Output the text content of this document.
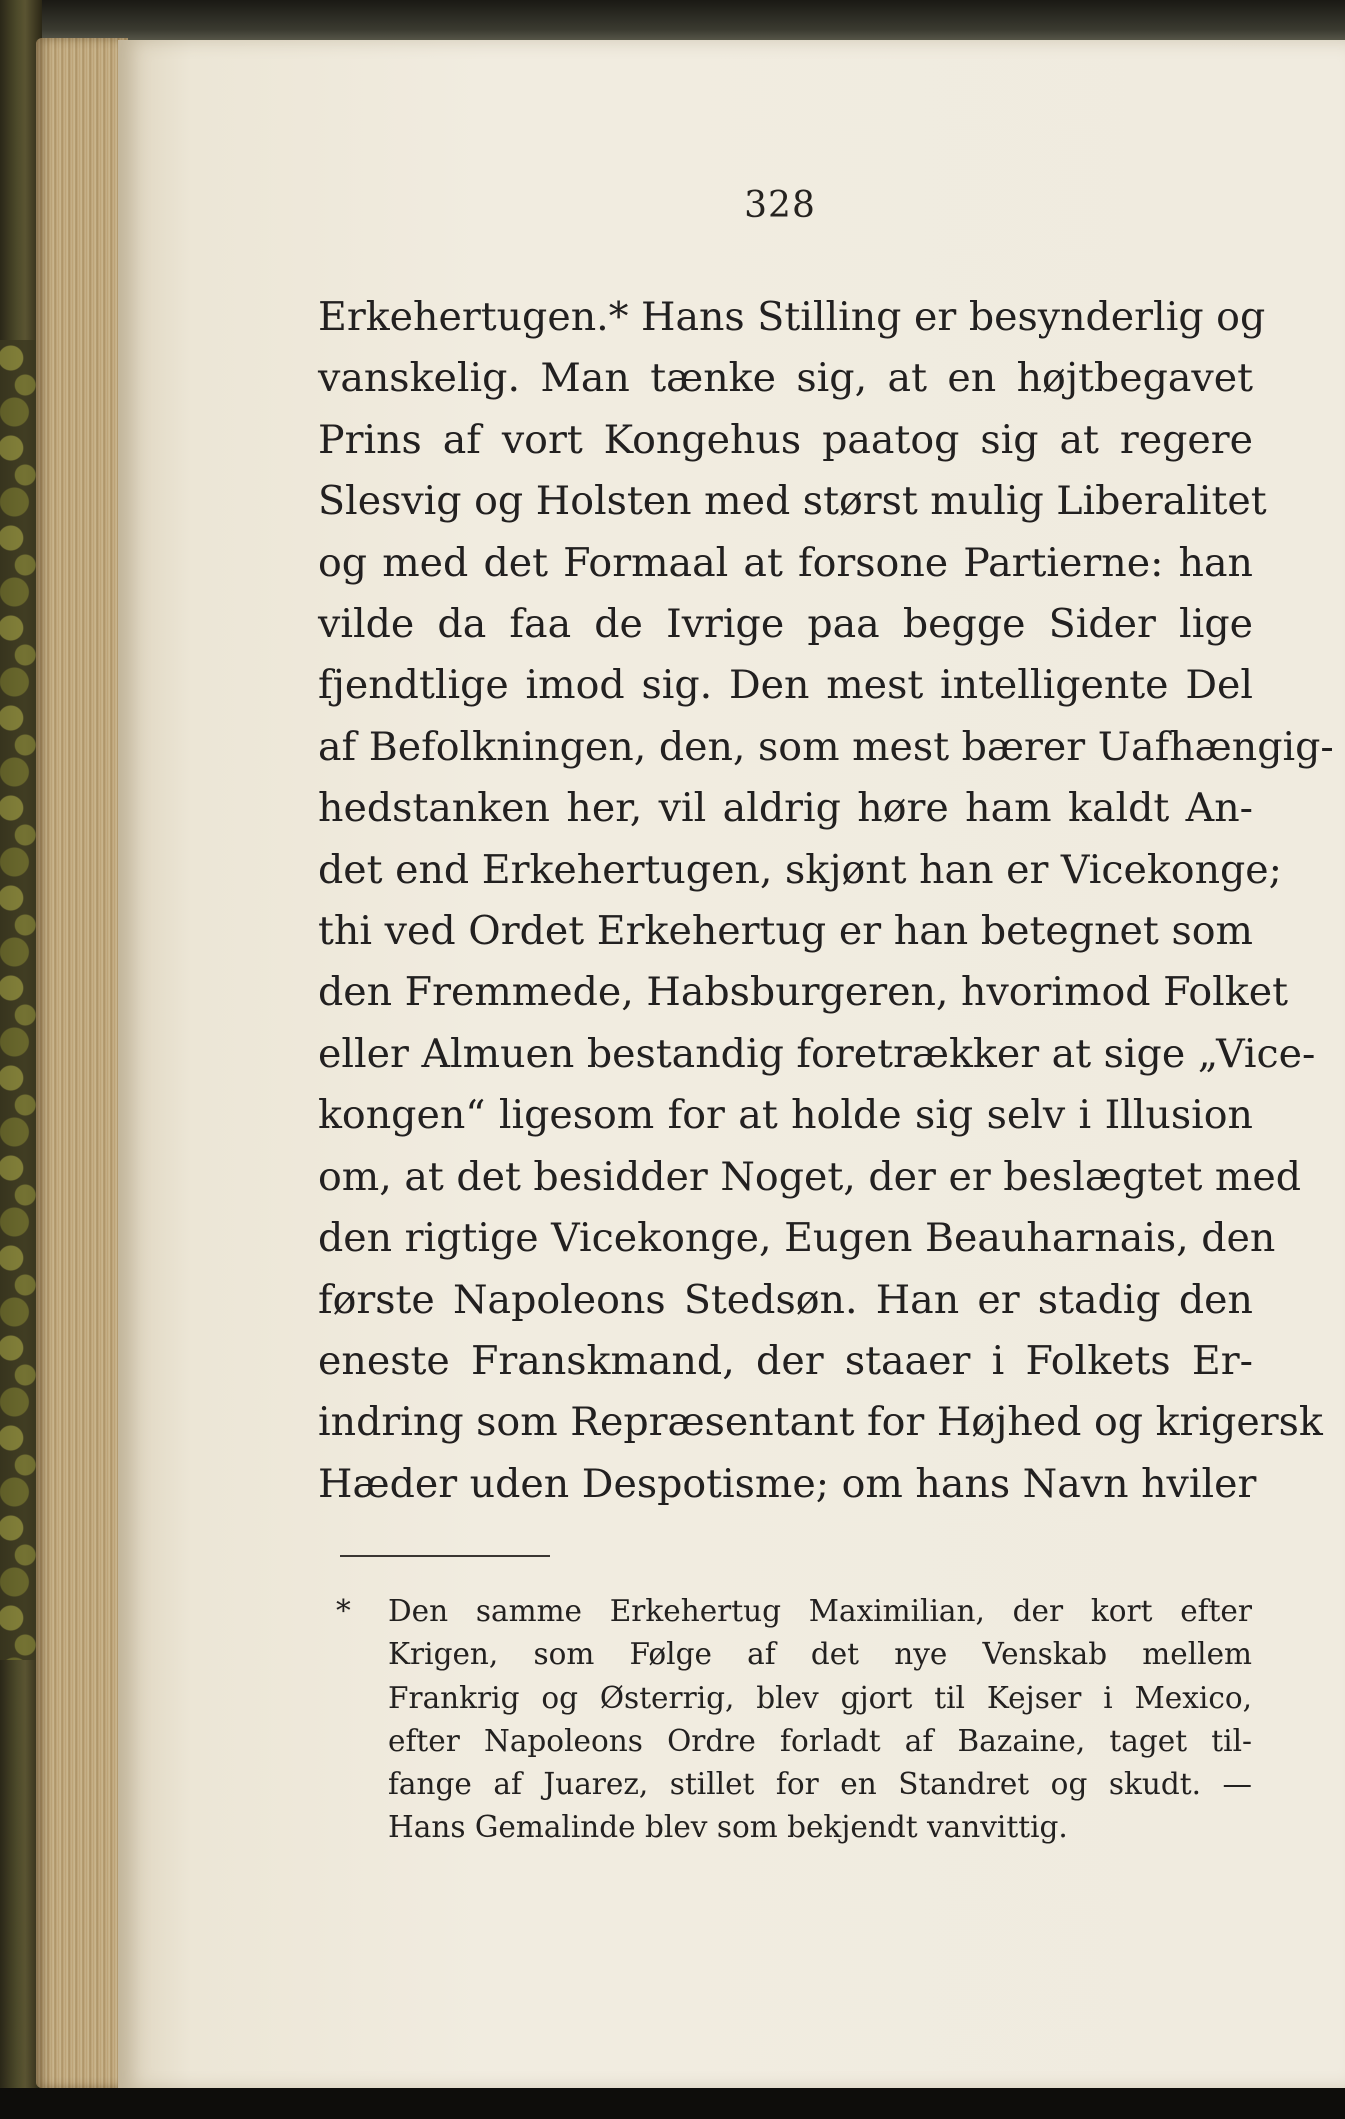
328
Erkehertugen.* Hans Stilling er besynderlig og
vanskelig. Man tænke sig, at en højtbegavet
Prins af vort Kongehus paatog sig at regere
Slesvig og Holsten med størst mulig Liberalitet
og med det Formaal at forsone Partierne: han
vilde da faa de Ivrige paa begge Sider lige
fjendtlige imod sig. Den mest intelligente Del
af Befolkningen, den, som mest bærer Uafhængig-
hedstanken her, vil aldrig høre ham kaldt An-
det end Erkehertugen, skjønt han er Vicekonge;
thi ved Ordet Erkehertug er han betegnet som
den Fremmede, Habsburgeren, hvorimod Folket
eller Almuen bestandig foretrækker at sige „Vice-
kongen“ ligesom for at holde sig selv i Illusion
om, at det besidder Noget, der er beslægtet med
den rigtige Vicekonge, Eugen Beauharnais, den
første Napoleons Stedsøn. Han er stadig den
eneste Franskmand, der staaer i Folkets Er-
indring som Repræsentant for Højhed og krigersk
Hæder uden Despotisme; om hans Navn hviler
*	Den samme Erkehertug Maximilian, der kort efter
Krigen, som Følge af det nye Venskab mellem
Frankrig og Østerrig, blev gjort til Kejser i Mexico,
efter Napoleons Ordre forladt af Bazaine, taget til-
fange af Juarez, stillet for en Standret og skudt. —
Hans Gemalinde blev som bekjendt vanvittig.
